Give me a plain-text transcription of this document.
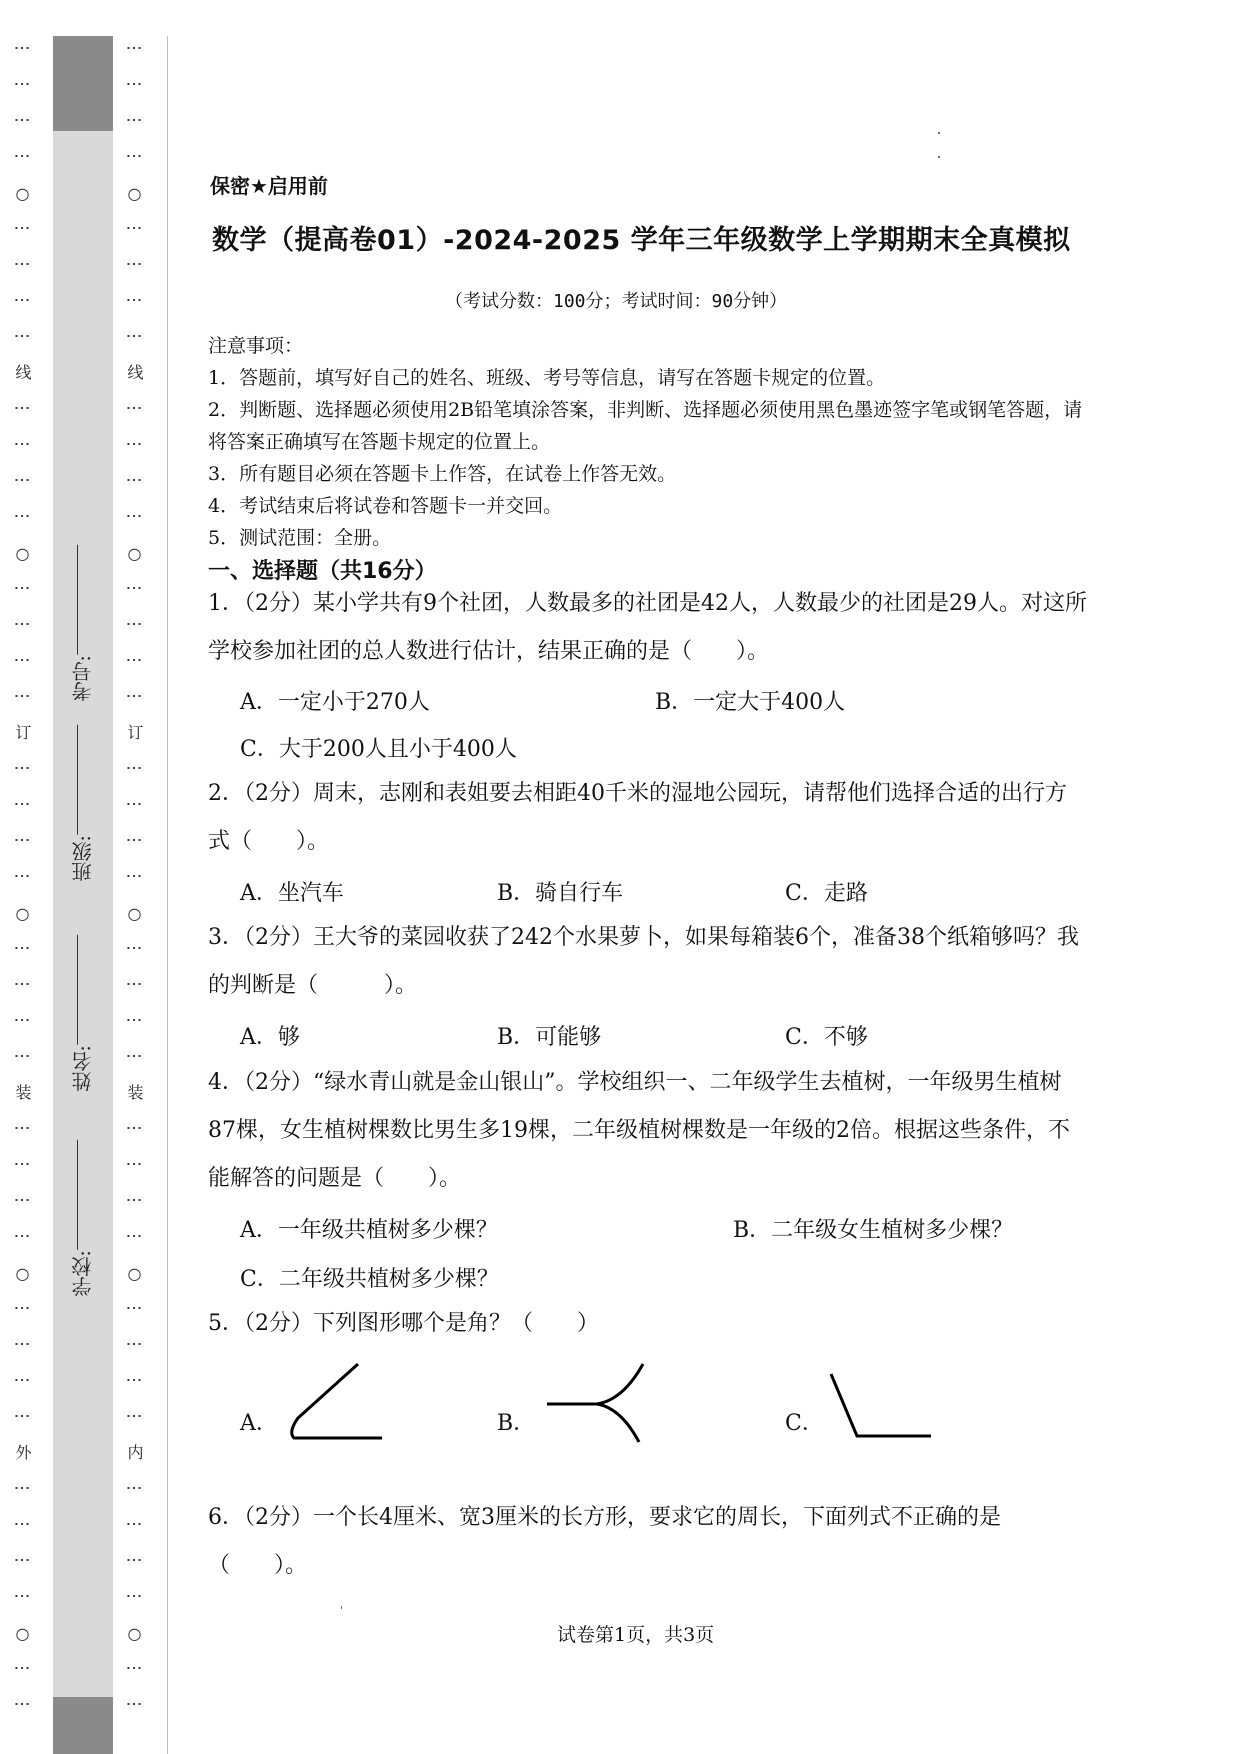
⋮
⋮
⋮
⋮
○
⋮
⋮
⋮
⋮
线
⋮
⋮
⋮
⋮
○
⋮
⋮
⋮
⋮
订
⋮
⋮
⋮
⋮
○
⋮
⋮
⋮
⋮
装
⋮
⋮
⋮
⋮
○
⋮
⋮
⋮
⋮
外
⋮
⋮
⋮
⋮
○
⋮
⋮
⋮
⋮
⋮
⋮
○
⋮
⋮
⋮
⋮
线
⋮
⋮
⋮
⋮
○
⋮
⋮
⋮
⋮
订
⋮
⋮
⋮
⋮
○
⋮
⋮
⋮
⋮
装
⋮
⋮
⋮
⋮
○
⋮
⋮
⋮
⋮
内
⋮
⋮
⋮
⋮
○
⋮
⋮
学校:
姓名:
班级:
考号:
保密★启用前
数学（提高卷01）-2024-2025 学年三年级数学上学期期末全真模拟
（考试分数：100分；考试时间：90分钟）
注意事项：
1．答题前，填写好自己的姓名、班级、考号等信息，请写在答题卡规定的位置。
2．判断题、选择题必须使用2B铅笔填涂答案，非判断、选择题必须使用黑色墨迹签字笔或钢笔答题，请将答案正确填写在答题卡规定的位置上。
3．所有题目必须在答题卡上作答，在试卷上作答无效。
4．考试结束后将试卷和答题卡一并交回。
5．测试范围：全册。
一、选择题（共16分）
1．（2分）某小学共有9个社团，人数最多的社团是42人，人数最少的社团是29人。对这所学校参加社团的总人数进行估计，结果正确的是（　　）。
A．一定小于270人	B．一定大于400人
C．大于200人且小于400人
2．（2分）周末，志刚和表姐要去相距40千米的湿地公园玩，请帮他们选择合适的出行方式（　　）。
A．坐汽车	B．骑自行车	C．走路
3．（2分）王大爷的菜园收获了242个水果萝卜，如果每箱装6个，准备38个纸箱够吗？我的判断是（　　　）。
A．够	B．可能够	C．不够
4．（2分）“绿水青山就是金山银山”。学校组织一、二年级学生去植树，一年级男生植树87棵，女生植树棵数比男生多19棵，二年级植树棵数是一年级的2倍。根据这些条件，不能解答的问题是（　　）。
A．一年级共植树多少棵？	B．二年级女生植树多少棵？
C．二年级共植树多少棵？
5．（2分）下列图形哪个是角？（　　）
A．	B．	C．
6．（2分）一个长4厘米、宽3厘米的长方形，要求它的周长，下面列式不正确的是（　　）。
试卷第1页，共3页
